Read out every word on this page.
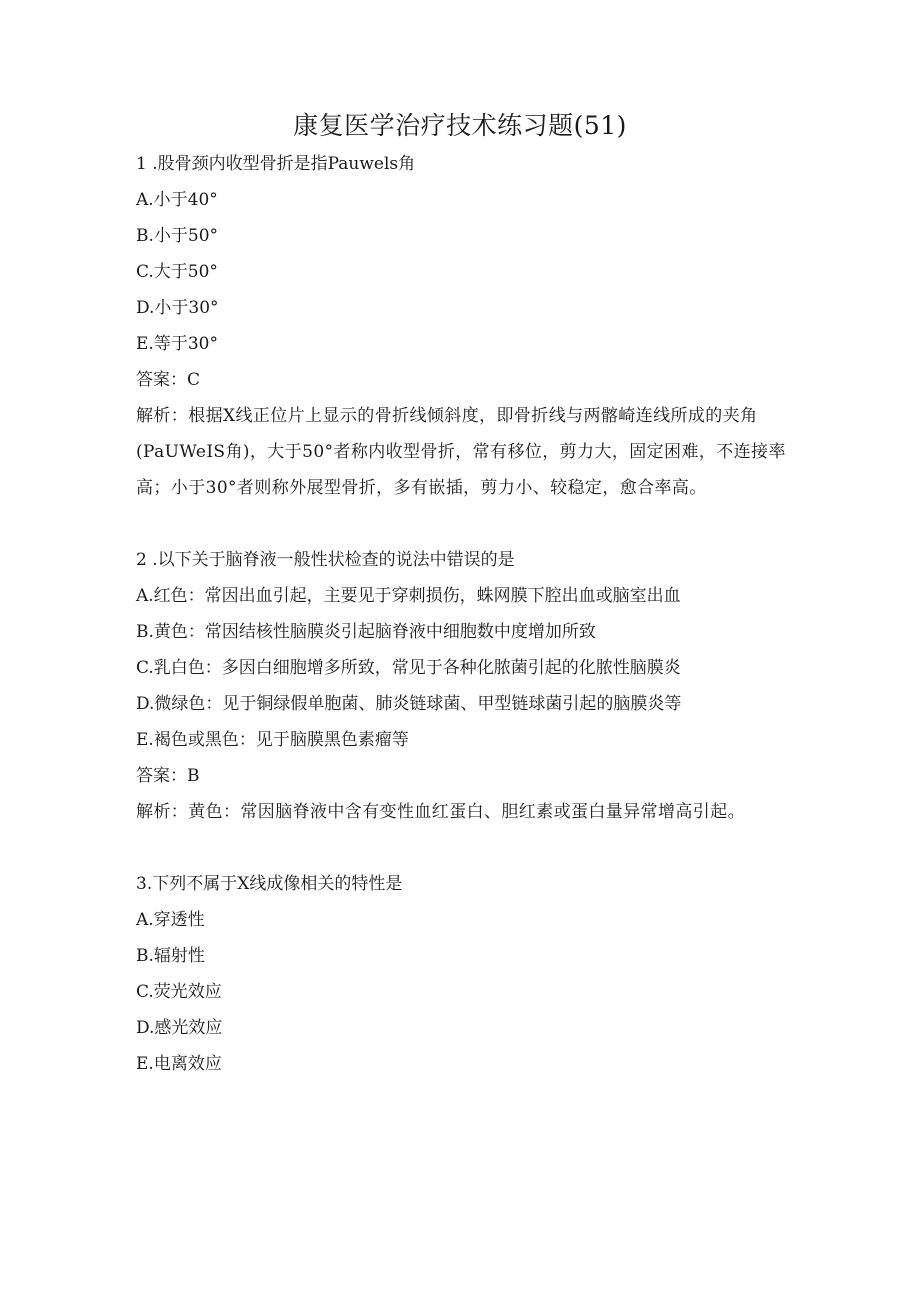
康复医学治疗技术练习题(51)
1 .股骨颈内收型骨折是指Pauwels角
A.小于40°
B.小于50°
C.大于50°
D.小于30°
E.等于30°
答案：C
解析：根据X线正位片上显示的骨折线倾斜度，即骨折线与两髂崎连线所成的夹角(PaUWeIS角)，大于50°者称内收型骨折，常有移位，剪力大，固定困难，不连接率高；小于30°者则称外展型骨折，多有嵌插，剪力小、较稳定，愈合率高。
2 .以下关于脑脊液一般性状检查的说法中错误的是
A.红色：常因出血引起，主要见于穿刺损伤，蛛网膜下腔出血或脑室出血
B.黄色：常因结核性脑膜炎引起脑脊液中细胞数中度增加所致
C.乳白色：多因白细胞增多所致，常见于各种化脓菌引起的化脓性脑膜炎
D.微绿色：见于铜绿假单胞菌、肺炎链球菌、甲型链球菌引起的脑膜炎等
E.褐色或黑色：见于脑膜黑色素瘤等
答案：B
解析：黄色：常因脑脊液中含有变性血红蛋白、胆红素或蛋白量异常增高引起。
3.下列不属于X线成像相关的特性是
A.穿透性
B.辐射性
C.荧光效应
D.感光效应
E.电离效应
